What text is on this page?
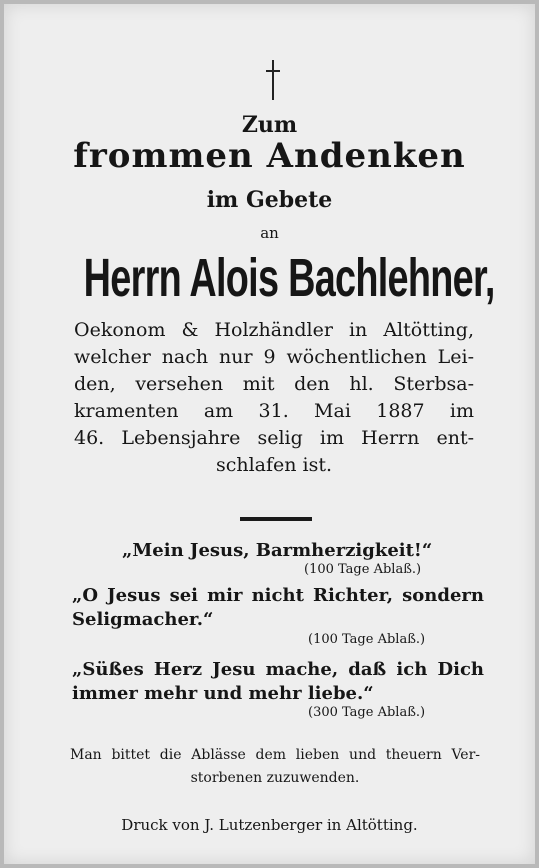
Zum
frommen Andenken
im Gebete
an
Herrn Alois Bachlehner,
Oekonom & Holzhändler in Altötting,
welcher nach nur 9 wöchentlichen Lei-
den, versehen mit den hl. Sterbsa-
kramenten am 31. Mai 1887 im
46. Lebensjahre selig im Herrn ent-
schlafen ist.
„Mein Jesus, Barmherzigkeit!“
(100 Tage Ablaß.)
„O Jesus sei mir nicht Richter, sondern
Seligmacher.“
(100 Tage Ablaß.)
„Süßes Herz Jesu mache, daß ich Dich
immer mehr und mehr liebe.“
(300 Tage Ablaß.)
Man bittet die Ablässe dem lieben und theuern Ver-
storbenen zuzuwenden.
Druck von J. Lutzenberger in Altötting.
